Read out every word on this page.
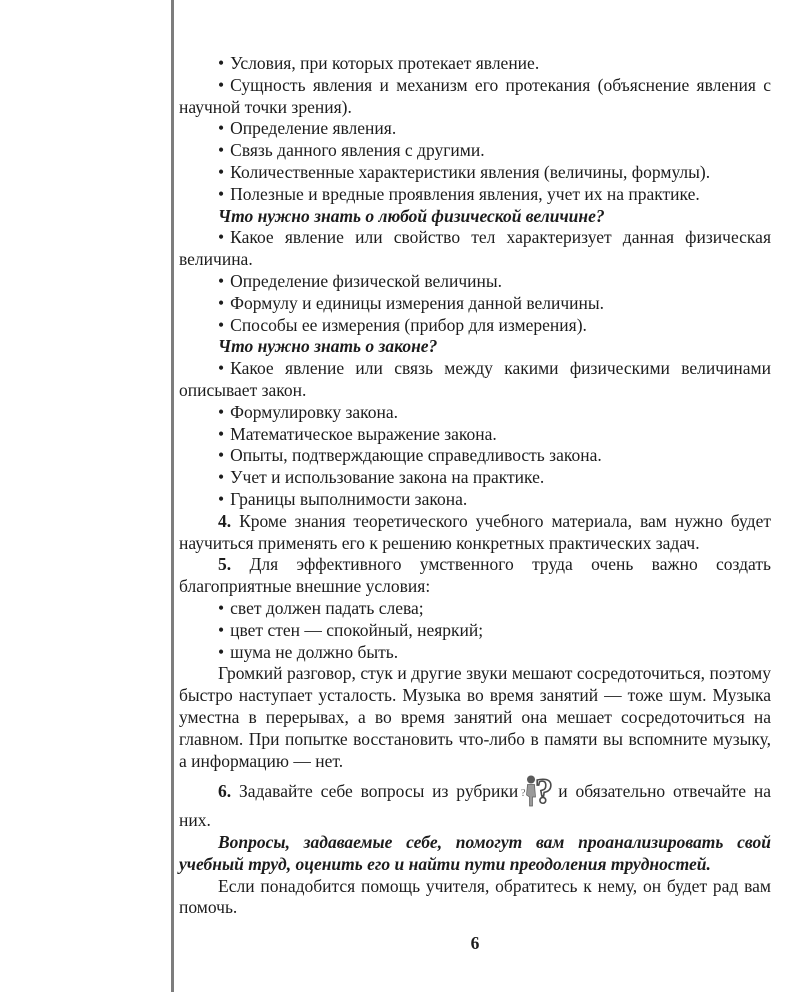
• Условия, при которых протекает явление.

• Сущность явления и механизм его протекания (объяснение явления с научной точки зрения).

• Определение явления.

• Связь данного явления с другими.

• Количественные характеристики явления (величины, формулы).

• Полезные и вредные проявления явления, учет их на практике.

Что нужно знать о любой физической величине?

• Какое явление или свойство тел характеризует данная физическая величина.

• Определение физической величины.

• Формулу и единицы измерения данной величины.

• Способы ее измерения (прибор для измерения).

Что нужно знать о законе?

• Какое явление или связь между какими физическими величинами описывает закон.

• Формулировку закона.

• Математическое выражение закона.

• Опыты, подтверждающие справедливость закона.

• Учет и использование закона на практике.

• Границы выполнимости закона.

4. Кроме знания теоретического учебного материала, вам нужно будет научиться применять его к решению конкретных практических задач.

5. Для эффективного умственного труда очень важно создать благоприятные внешние условия:

• свет должен падать слева;

• цвет стен — спокойный, неяркий;

• шума не должно быть.

Громкий разговор, стук и другие звуки мешают сосредоточиться, поэтому быстро наступает усталость. Музыка во время занятий — тоже шум. Музыка уместна в перерывах, а во время занятий она мешает сосредоточиться на главном. При попытке восстановить что-либо в памяти вы вспомните музыку, а информацию — нет.

6. Задавайте себе вопросы из рубрики ?
? и обязательно отвечайте на них.

Вопросы, задаваемые себе, помогут вам проанализировать свой учебный труд, оценить его и найти пути преодоления трудностей.

Если понадобится помощь учителя, обратитесь к нему, он будет рад вам помочь.

6
